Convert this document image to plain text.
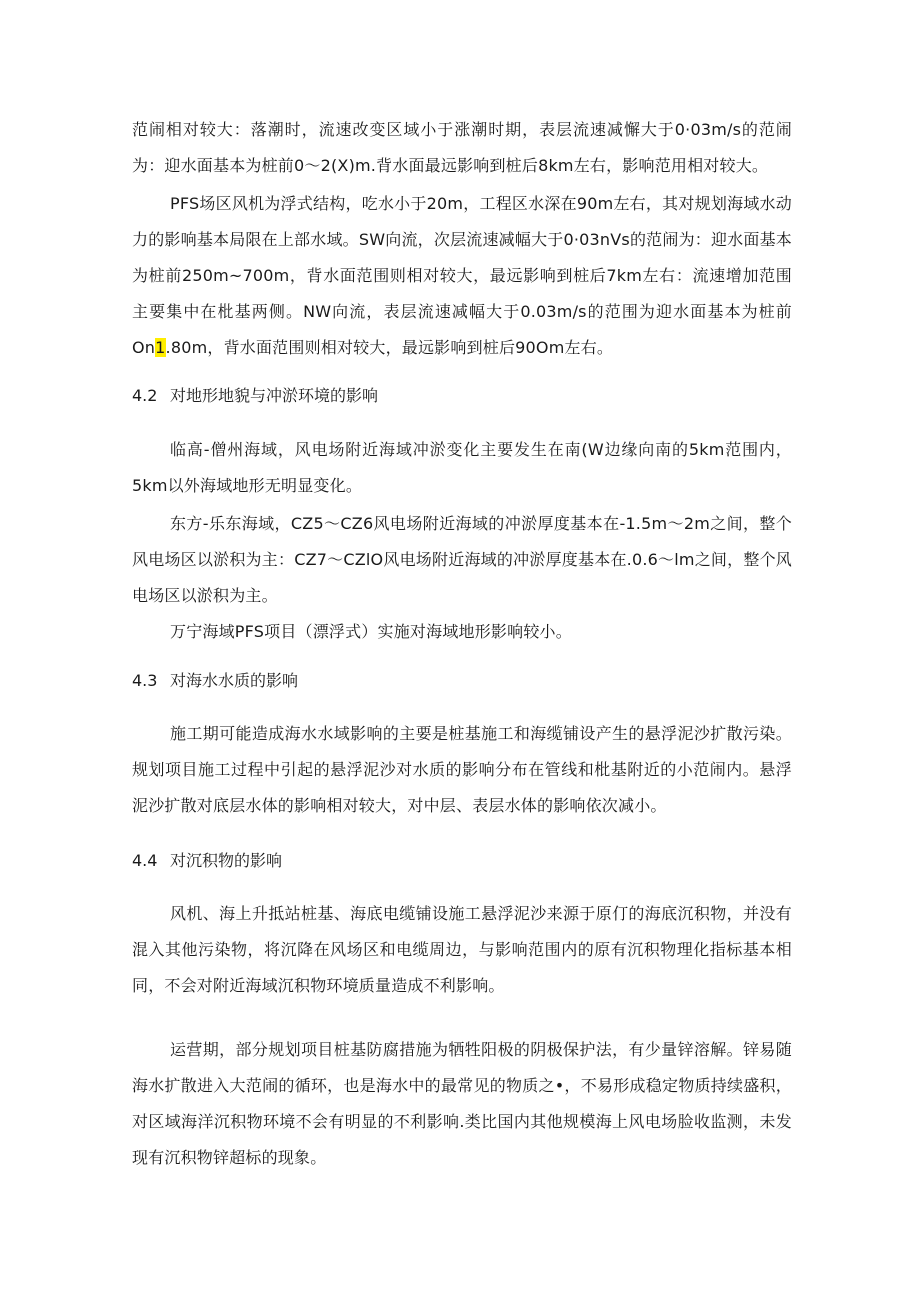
范闹相对较大：落潮时，流速改变区域小于涨潮时期，表层流速减懈大于0·03m/s的范闹为：迎水面基本为桩前0～2(X)m.背水面最远影响到桩后8km左右，影响范用相对较大。

PFS场区风机为浮式结构，吃水小于20m，工程区水深在90m左右，其对规划海域水动力的影响基本局限在上部水域。SW向流，次层流速减幅大于0·03nVs的范闹为：迎水面基本为桩前250m~700m，背水面范围则相对较大，最远影响到桩后7km左右：流速增加范围主要集中在枇基两侧。NW向流，表层流速减幅大于0.03m/s的范围为迎水面基本为桩前On1.80m，背水面范围则相对较大，最远影响到桩后90Om左右。

4.2 对地形地貌与冲淤环境的影响

临高-僧州海域，风电场附近海域冲淤变化主要发生在南(W边缘向南的5km范围内，5km以外海域地形无明显变化。

东方-乐东海域，CZ5～CZ6风电场附近海域的冲淤厚度基本在-1.5m～2m之间，整个风电场区以淤积为主：CZ7～CZlO风电场附近海域的冲淤厚度基本在.0.6～lm之间，整个风电场区以淤积为主。

万宁海域PFS项目（漂浮式）实施对海域地形影响较小。

4.3 对海水水质的影响

施工期可能造成海水水域影响的主要是桩基施工和海缆铺设产生的悬浮泥沙扩散污染。规划项目施工过程中引起的悬浮泥沙对水质的影响分布在管线和枇基附近的小范闹内。悬浮泥沙扩散对底层水体的影响相对较大，对中层、表层水体的影响依次减小。

4.4 对沉积物的影响

风机、海上升抵站桩基、海底电缆铺设施工悬浮泥沙来源于原仃的海底沉积物，并没有混入其他污染物，将沉降在风场区和电缆周边，与影响范围内的原有沉积物理化指标基本相同，不会对附近海域沉积物环境质量造成不利影响。

运营期，部分规划项目桩基防腐措施为牺牲阳极的阴极保护法，有少量锌溶解。锌易随海水扩散进入大范闹的循环，也是海水中的最常见的物质之•，不易形成稳定物质持续盛积，对区域海洋沉积物环境不会有明显的不利影响.类比国内其他规模海上风电场脸收监测，未发现有沉积物锌超标的现象。
